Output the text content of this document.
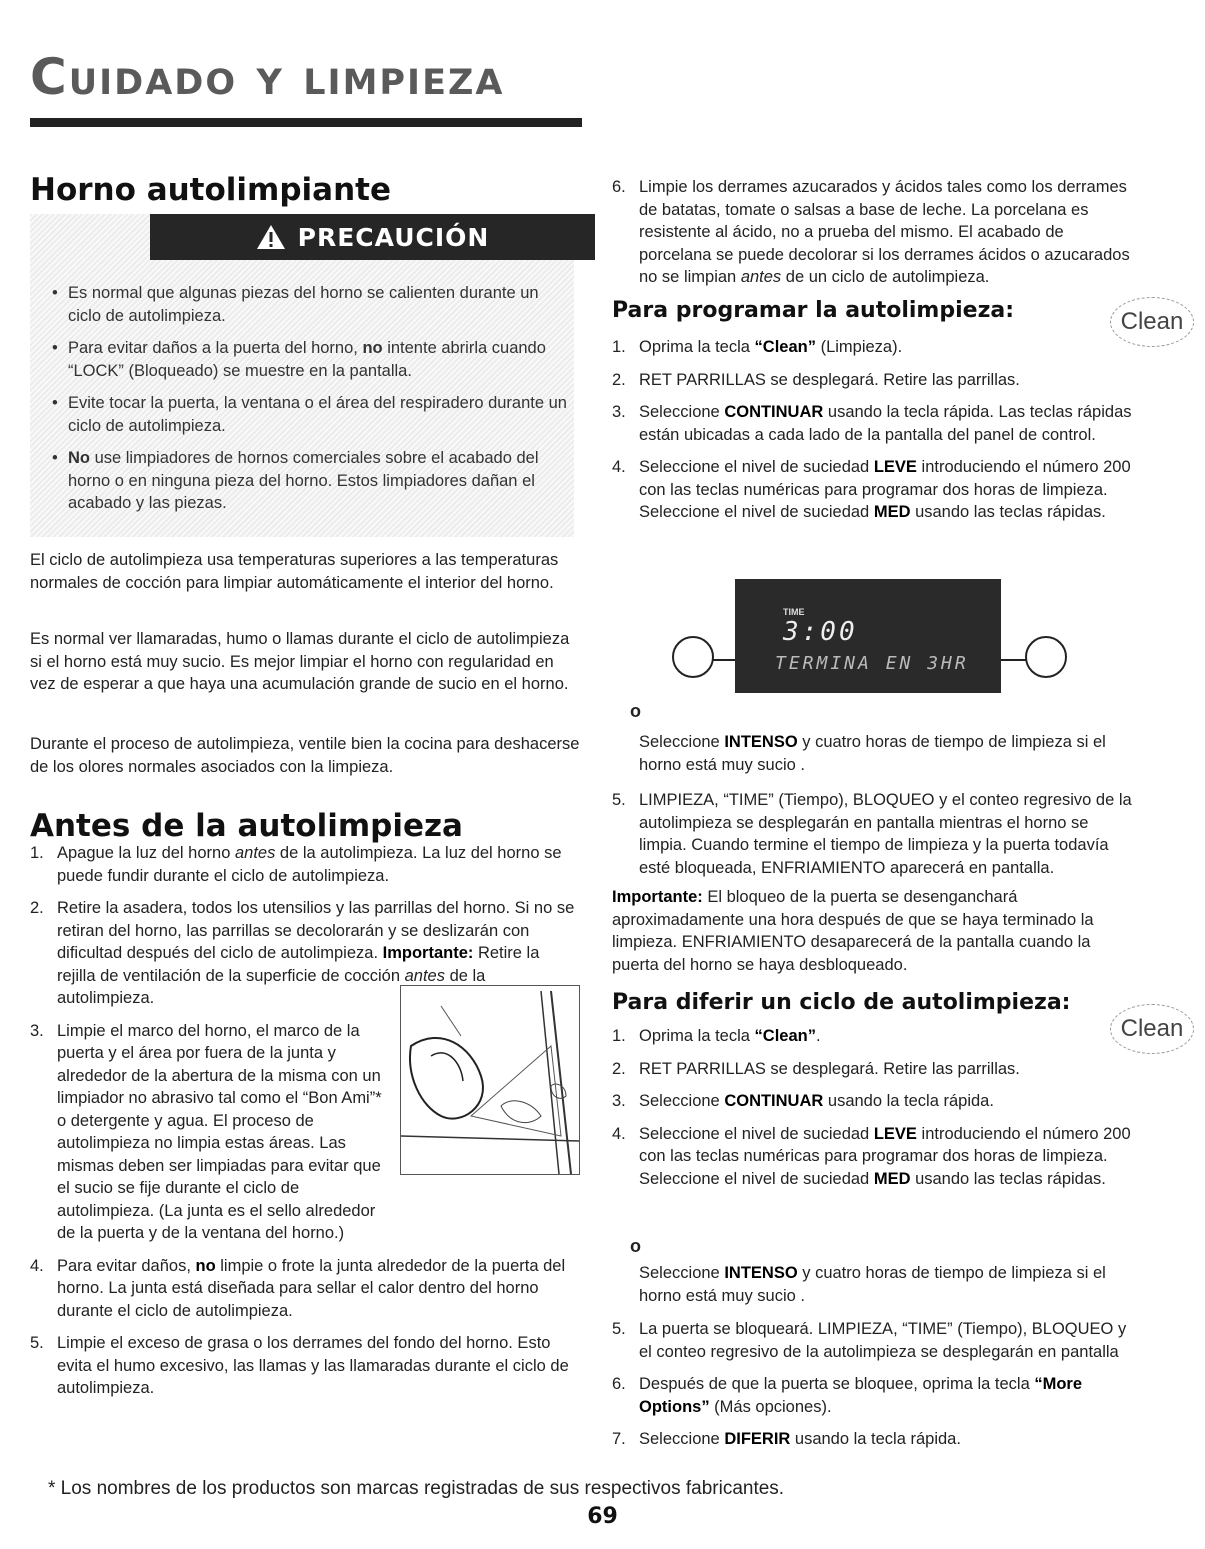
Cuidado y limpieza
Horno autolimpiante
PRECAUCIÓN
• Es normal que algunas piezas del horno se calienten durante un ciclo de autolimpieza.
• Para evitar daños a la puerta del horno, no intente abrirla cuando “LOCK” (Bloqueado) se muestre en la pantalla.
• Evite tocar la puerta, la ventana o el área del respiradero durante un ciclo de autolimpieza.
• No use limpiadores de hornos comerciales sobre el acabado del horno o en ninguna pieza del horno. Estos limpiadores dañan el acabado y las piezas.
El ciclo de autolimpieza usa temperaturas superiores a las temperaturas normales de cocción para limpiar automáticamente el interior del horno.
Es normal ver llamaradas, humo o llamas durante el ciclo de autolimpieza si el horno está muy sucio. Es mejor limpiar el horno con regularidad en vez de esperar a que haya una acumulación grande de sucio en el horno.
Durante el proceso de autolimpieza, ventile bien la cocina para deshacerse de los olores normales asociados con la limpieza.
Antes de la autolimpieza
1. Apague la luz del horno antes de la autolimpieza. La luz del horno se puede fundir durante el ciclo de autolimpieza.
2. Retire la asadera, todos los utensilios y las parrillas del horno. Si no se retiran del horno, las parrillas se decolorarán y se deslizarán con dificultad después del ciclo de autolimpieza. Importante: Retire la rejilla de ventilación de la superficie de cocción antes de la autolimpieza.
3. Limpie el marco del horno, el marco de la puerta y el área por fuera de la junta y alrededor de la abertura de la misma con un limpiador no abrasivo tal como el “Bon Ami”* o detergente y agua. El proceso de autolimpieza no limpia estas áreas. Las mismas deben ser limpiadas para evitar que el sucio se fije durante el ciclo de autolimpieza. (La junta es el sello alrededor de la puerta y de la ventana del horno.)
4. Para evitar daños, no limpie o frote la junta alrededor de la puerta del horno. La junta está diseñada para sellar el calor dentro del horno durante el ciclo de autolimpieza.
5. Limpie el exceso de grasa o los derrames del fondo del horno. Esto evita el humo excesivo, las llamas y las llamaradas durante el ciclo de autolimpieza.
6. Limpie los derrames azucarados y ácidos tales como los derrames de batatas, tomate o salsas a base de leche. La porcelana es resistente al ácido, no a prueba del mismo. El acabado de porcelana se puede decolorar si los derrames ácidos o azucarados no se limpian antes de un ciclo de autolimpieza.
Para programar la autolimpieza:	Clean
1. Oprima la tecla “Clean” (Limpieza).
2. RET PARRILLAS se desplegará. Retire las parrillas.
3. Seleccione CONTINUAR usando la tecla rápida. Las teclas rápidas están ubicadas a cada lado de la pantalla del panel de control.
4. Seleccione el nivel de suciedad LEVE introduciendo el número 200 con las teclas numéricas para programar dos horas de limpieza. Seleccione el nivel de suciedad MED usando las teclas rápidas.
TIME
3:00
TERMINA EN 3HR
o
Seleccione INTENSO y cuatro horas de tiempo de limpieza si el horno está muy sucio .
5. LIMPIEZA, “TIME” (Tiempo), BLOQUEO y el conteo regresivo de la autolimpieza se desplegarán en pantalla mientras el horno se limpia. Cuando termine el tiempo de limpieza y la puerta todavía esté bloqueada, ENFRIAMIENTO aparecerá en pantalla.
Importante: El bloqueo de la puerta se desenganchará aproximadamente una hora después de que se haya terminado la limpieza. ENFRIAMIENTO desaparecerá de la pantalla cuando la puerta del horno se haya desbloqueado.
Para diferir un ciclo de autolimpieza:
Clean
1. Oprima la tecla “Clean”.
2. RET PARRILLAS se desplegará. Retire las parrillas.
3. Seleccione CONTINUAR usando la tecla rápida.
4. Seleccione el nivel de suciedad LEVE introduciendo el número 200 con las teclas numéricas para programar dos horas de limpieza. Seleccione el nivel de suciedad MED usando las teclas rápidas.
o
Seleccione INTENSO y cuatro horas de tiempo de limpieza si el horno está muy sucio .
5. La puerta se bloqueará. LIMPIEZA, “TIME” (Tiempo), BLOQUEO y el conteo regresivo de la autolimpieza se desplegarán en pantalla
6. Después de que la puerta se bloquee, oprima la tecla “More Options” (Más opciones).
7. Seleccione DIFERIR usando la tecla rápida.
* Los nombres de los productos son marcas registradas de sus respectivos fabricantes.
69
